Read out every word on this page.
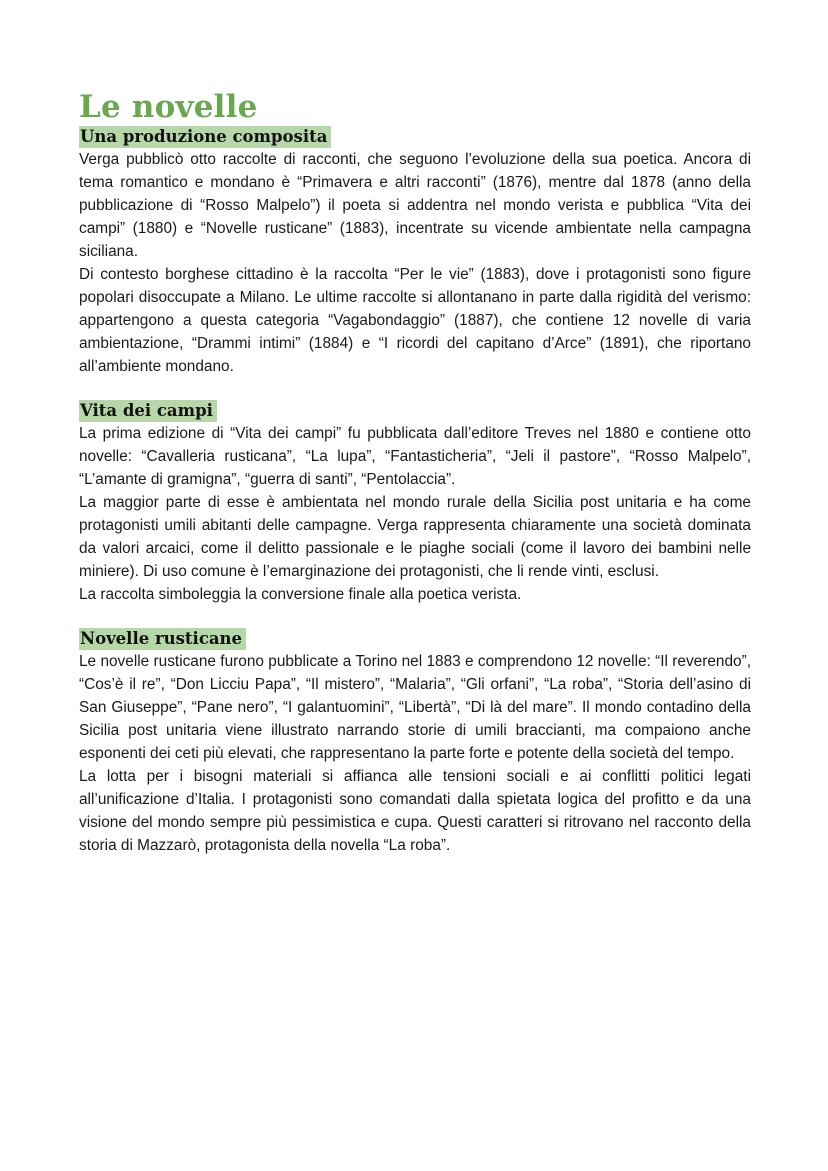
Le novelle
Una produzione composita

Verga pubblicò otto raccolte di racconti, che seguono l’evoluzione della sua poetica. Ancora di tema romantico e mondano è “Primavera e altri racconti” (1876), mentre dal 1878 (anno della pubblicazione di “Rosso Malpelo”) il poeta si addentra nel mondo verista e pubblica “Vita dei campi” (1880) e “Novelle rusticane” (1883), incentrate su vicende ambientate nella campagna siciliana.

Di contesto borghese cittadino è la raccolta “Per le vie” (1883), dove i protagonisti sono figure popolari disoccupate a Milano. Le ultime raccolte si allontanano in parte dalla rigidità del verismo: appartengono a questa categoria “Vagabondaggio” (1887), che contiene 12 novelle di varia ambientazione, “Drammi intimi” (1884) e “I ricordi del capitano d’Arce” (1891), che riportano all’ambiente mondano.

Vita dei campi

La prima edizione di “Vita dei campi” fu pubblicata dall’editore Treves nel 1880 e contiene otto novelle: “Cavalleria rusticana”, “La lupa”, “Fantasticheria”, “Jeli il pastore”, “Rosso Malpelo”, “L’amante di gramigna”, “guerra di santi”, “Pentolaccia”.

La maggior parte di esse è ambientata nel mondo rurale della Sicilia post unitaria e ha come protagonisti umili abitanti delle campagne. Verga rappresenta chiaramente una società dominata da valori arcaici, come il delitto passionale e le piaghe sociali (come il lavoro dei bambini nelle miniere). Di uso comune è l’emarginazione dei protagonisti, che li rende vinti, esclusi.

La raccolta simboleggia la conversione finale alla poetica verista.

Novelle rusticane

Le novelle rusticane furono pubblicate a Torino nel 1883 e comprendono 12 novelle: “Il reverendo”, “Cos’è il re”, “Don Licciu Papa”, “Il mistero”, “Malaria”, “Gli orfani”, “La roba”, “Storia dell’asino di San Giuseppe”, “Pane nero”, “I galantuomini”, “Libertà”, “Di là del mare”. Il mondo contadino della Sicilia post unitaria viene illustrato narrando storie di umili braccianti, ma compaiono anche esponenti dei ceti più elevati, che rappresentano la parte forte e potente della società del tempo.

La lotta per i bisogni materiali si affianca alle tensioni sociali e ai conflitti politici legati all’unificazione d’Italia. I protagonisti sono comandati dalla spietata logica del profitto e da una visione del mondo sempre più pessimistica e cupa. Questi caratteri si ritrovano nel racconto della storia di Mazzarò, protagonista della novella “La roba”.
